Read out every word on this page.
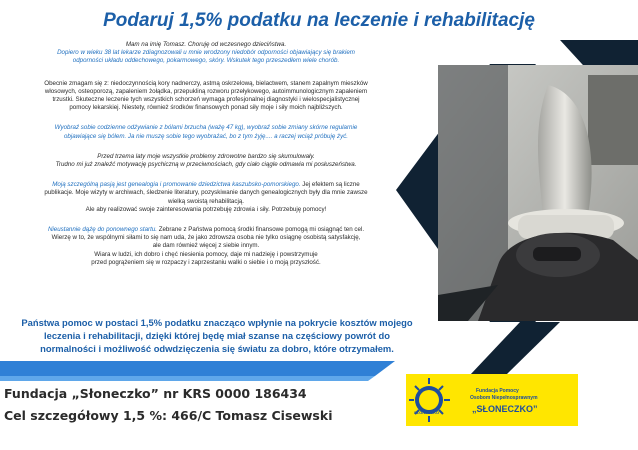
Podaruj 1,5% podatku na leczenie i rehabilitację

Mam na imię Tomasz. Choruję od wczesnego dzieciństwa.
Dopiero w wieku 38 lat lekarze zdiagnozowali u mnie wrodzony niedobór odporności objawiający się brakiem
odporności układu oddechowego, pokarmowego, skóry. Wskutek tego przeszedłem wiele chorób.

Obecnie zmagam się z: niedoczynnością kory nadnerczy, astmą oskrzelową, bielactwem, stanem zapalnym mieszków
włosowych, osteoporozą, zapaleniem żołądka, przepukliną rozworu przełykowego, autoimmunologicznym zapaleniem
trzustki. Skuteczne leczenie tych wszystkich schorzeń wymaga profesjonalnej diagnostyki i wielospecjalistycznej
pomocy lekarskiej. Niestety, również środków finansowych ponad siły moje i siły moich najbliższych.

Wyobraź sobie codzienne odżywianie z bólami brzucha (ważę 47 kg), wyobraź sobie zmiany skórne regularnie
objawiające się bólem. Ja nie muszę sobie tego wyobrażać, bo z tym żyję.... a raczej wciąż próbuję żyć.

Przed trzema laty moje wszystkie problemy zdrowotne bardzo się skumulowały.
Trudno mi już znaleźć motywację psychiczną w przeciwnościach, gdy ciało ciągle odmawia mi posłuszeństwa.

Moją szczególną pasją jest genealogia i promowanie dziedzictwa kaszubsko-pomorskiego. Jej efektem są liczne
publikacje. Moje wizyty w archiwach, śledzenie literatury, pozyskiwanie danych genealogicznych były dla mnie zawsze
wielką swoistą rehabilitacją.
Ale aby realizować swoje zainteresowania potrzebuję zdrowia i siły. Potrzebuję pomocy!

Nieustannie dążę do ponownego startu. Zebrane z Państwa pomocą środki finansowe pomogą mi osiągnąć ten cel.
Wierzę w to, że wspólnymi siłami to się nam uda, że jako zdrowsza osoba nie tylko osiągnę osobistą satysfakcję,
ale dam również więcej z siebie innym.
Wiara w ludzi, ich dobro i chęć niesienia pomocy, daje mi nadzieję i powstrzymuje
przed pogrążeniem się w rozpaczy i zaprzestaniu walki o siebie i o moją przyszłość.

Państwa pomoc w postaci 1,5% podatku znacząco wpłynie na pokrycie kosztów mojego
leczenia i rehabilitacji, dzięki której będę miał szanse na częściowy powrót do
normalności i możliwość odwdzięczenia się światu za dobro, które otrzymałem.
Fundacja „Słoneczko” nr KRS 0000 186434
Cel szczegółowy 1,5 %: 466/C Tomasz Cisewski	SŁONECZKO
Fundacja Pomocy
Osobom Niepełnosprawnym
„SŁONECZKO”
